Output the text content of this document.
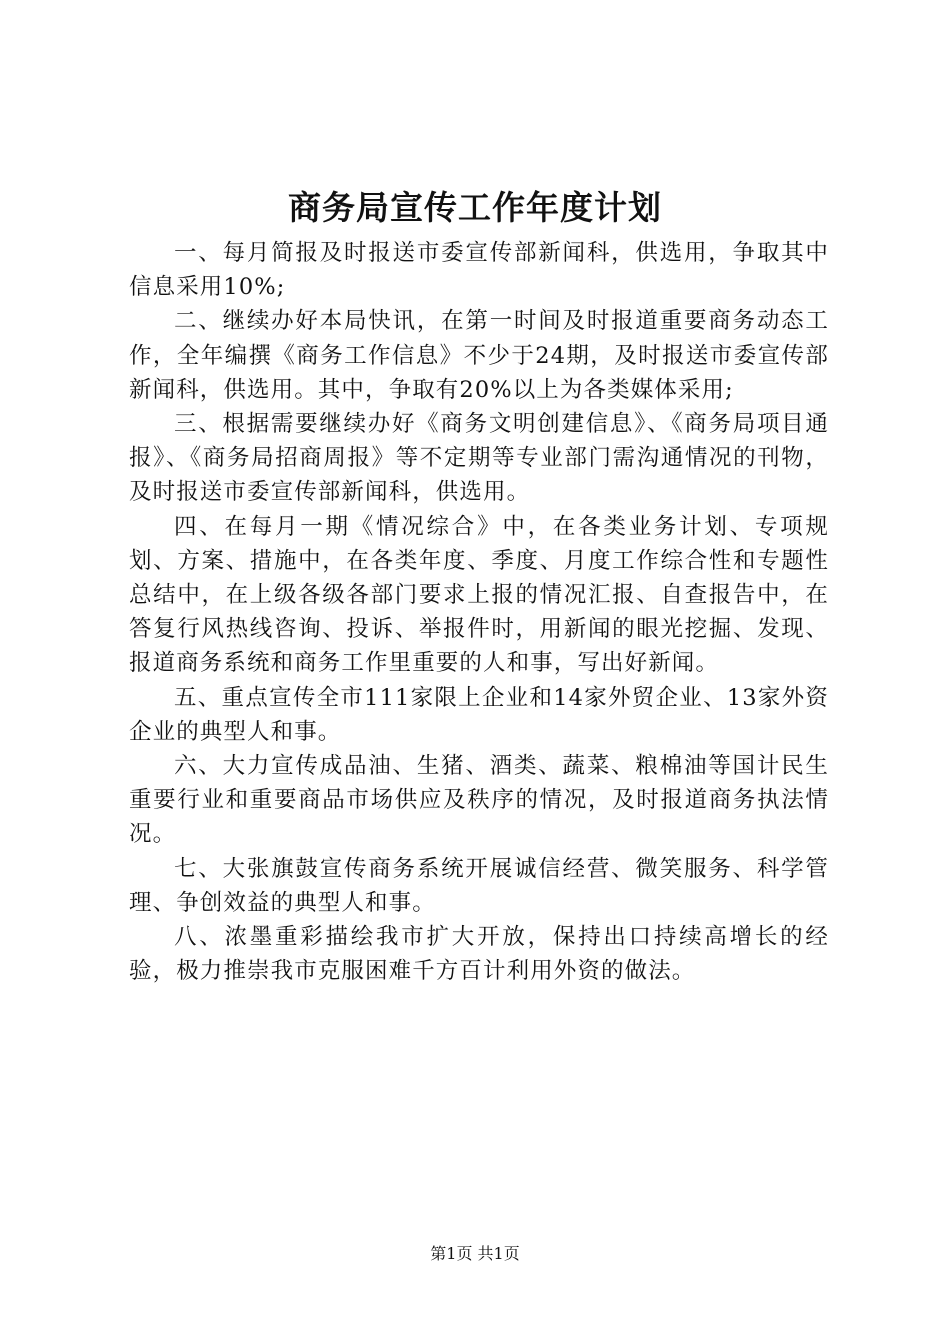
商务局宣传工作年度计划

一、每月简报及时报送市委宣传部新闻科，供选用，争取其中信息采用10%;

二、继续办好本局快讯，在第一时间及时报道重要商务动态工作，全年编撰《商务工作信息》不少于24期，及时报送市委宣传部新闻科，供选用。其中，争取有20%以上为各类媒体采用;

三、根据需要继续办好《商务文明创建信息》、《商务局项目通报》、《商务局招商周报》等不定期等专业部门需沟通情况的刊物，及时报送市委宣传部新闻科，供选用。

四、在每月一期《情况综合》中，在各类业务计划、专项规划、方案、措施中，在各类年度、季度、月度工作综合性和专题性总结中，在上级各级各部门要求上报的情况汇报、自查报告中，在答复行风热线咨询、投诉、举报件时，用新闻的眼光挖掘、发现、报道商务系统和商务工作里重要的人和事，写出好新闻。

五、重点宣传全市111家限上企业和14家外贸企业、13家外资企业的典型人和事。

六、大力宣传成品油、生猪、酒类、蔬菜、粮棉油等国计民生重要行业和重要商品市场供应及秩序的情况，及时报道商务执法情况。

七、大张旗鼓宣传商务系统开展诚信经营、微笑服务、科学管理、争创效益的典型人和事。

八、浓墨重彩描绘我市扩大开放，保持出口持续高增长的经验，极力推崇我市克服困难千方百计利用外资的做法。

第1页 共1页
